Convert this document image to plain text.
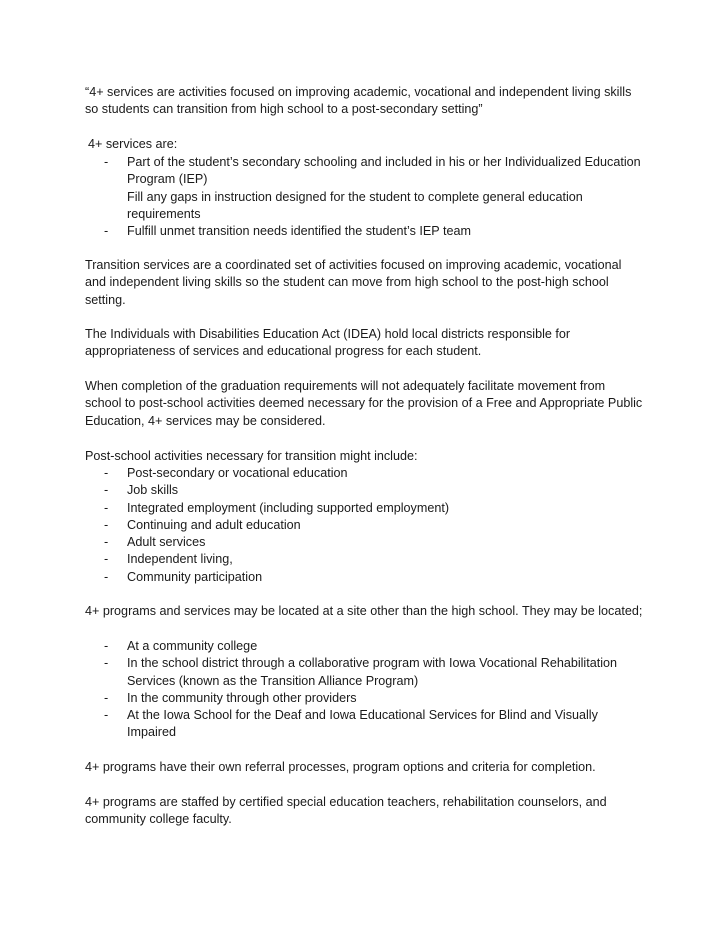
“4+ services are activities focused on improving academic, vocational and independent living skills so students can transition from high school to a post-secondary setting”

4+ services are:

- Part of the student’s secondary schooling and included in his or her Individualized Education Program (IEP)
Fill any gaps in instruction designed for the student to complete general education requirements
- Fulfill unmet transition needs identified the student’s IEP team

Transition services are a coordinated set of activities focused on improving academic, vocational and independent living skills so the student can move from high school to the post-high school setting.

The Individuals with Disabilities Education Act (IDEA) hold local districts responsible for appropriateness of services and educational progress for each student.

When completion of the graduation requirements will not adequately facilitate movement from school to post-school activities deemed necessary for the provision of a Free and Appropriate Public Education, 4+ services may be considered.

Post-school activities necessary for transition might include:

- Post-secondary or vocational education
- Job skills
- Integrated employment (including supported employment)
- Continuing and adult education
- Adult services
- Independent living,
- Community participation

4+ programs and services may be located at a site other than the high school. They may be located;

- At a community college
- In the school district through a collaborative program with Iowa Vocational Rehabilitation Services (known as the Transition Alliance Program)
- In the community through other providers
- At the Iowa School for the Deaf and Iowa Educational Services for Blind and Visually Impaired

4+ programs have their own referral processes, program options and criteria for completion.

4+ programs are staffed by certified special education teachers, rehabilitation counselors, and community college faculty.
